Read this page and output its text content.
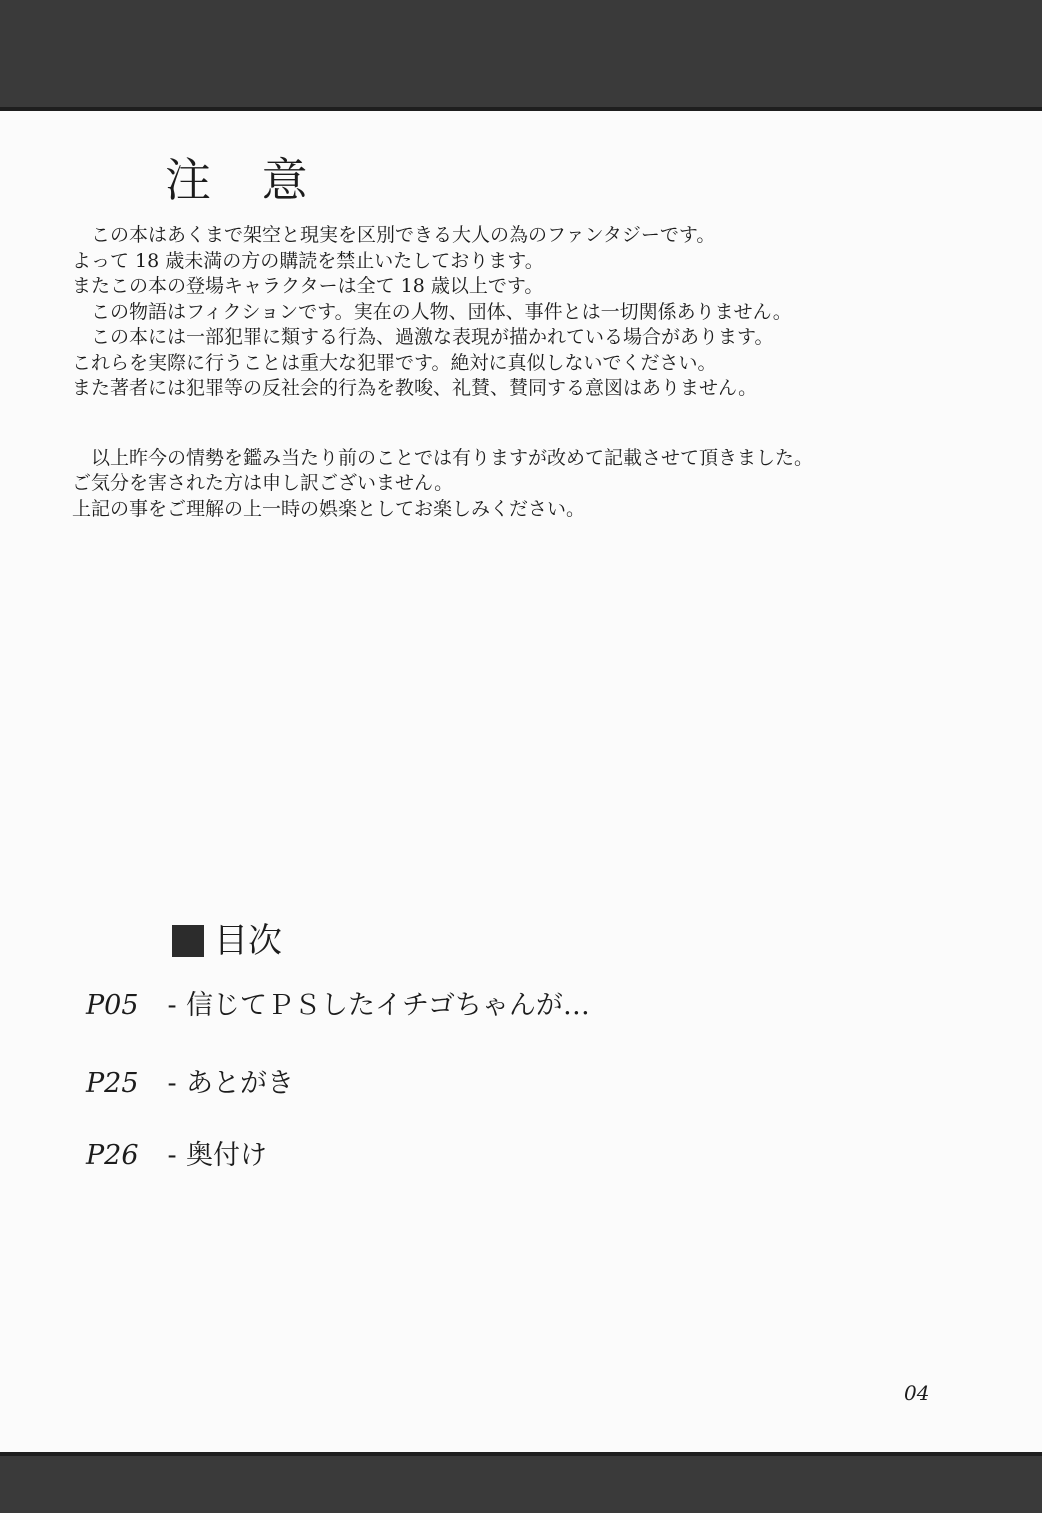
注 意
　この本はあくまで架空と現実を区別できる大人の為のファンタジーです。
よって 18 歳未満の方の購読を禁止いたしております。
またこの本の登場キャラクターは全て 18 歳以上です。
　この物語はフィクションです。実在の人物、団体、事件とは一切関係ありません。
　この本には一部犯罪に類する行為、過激な表現が描かれている場合があります。
これらを実際に行うことは重大な犯罪です。絶対に真似しないでください。
また著者には犯罪等の反社会的行為を教唆、礼賛、賛同する意図はありません。
　以上昨今の情勢を鑑み当たり前のことでは有りますが改めて記載させて頂きました。
ご気分を害された方は申し訳ございません。
上記の事をご理解の上一時の娯楽としてお楽しみください。
目次
P05	- 信じてＰＳしたイチゴちゃんが…
P25	- あとがき
P26	- 奥付け
04
